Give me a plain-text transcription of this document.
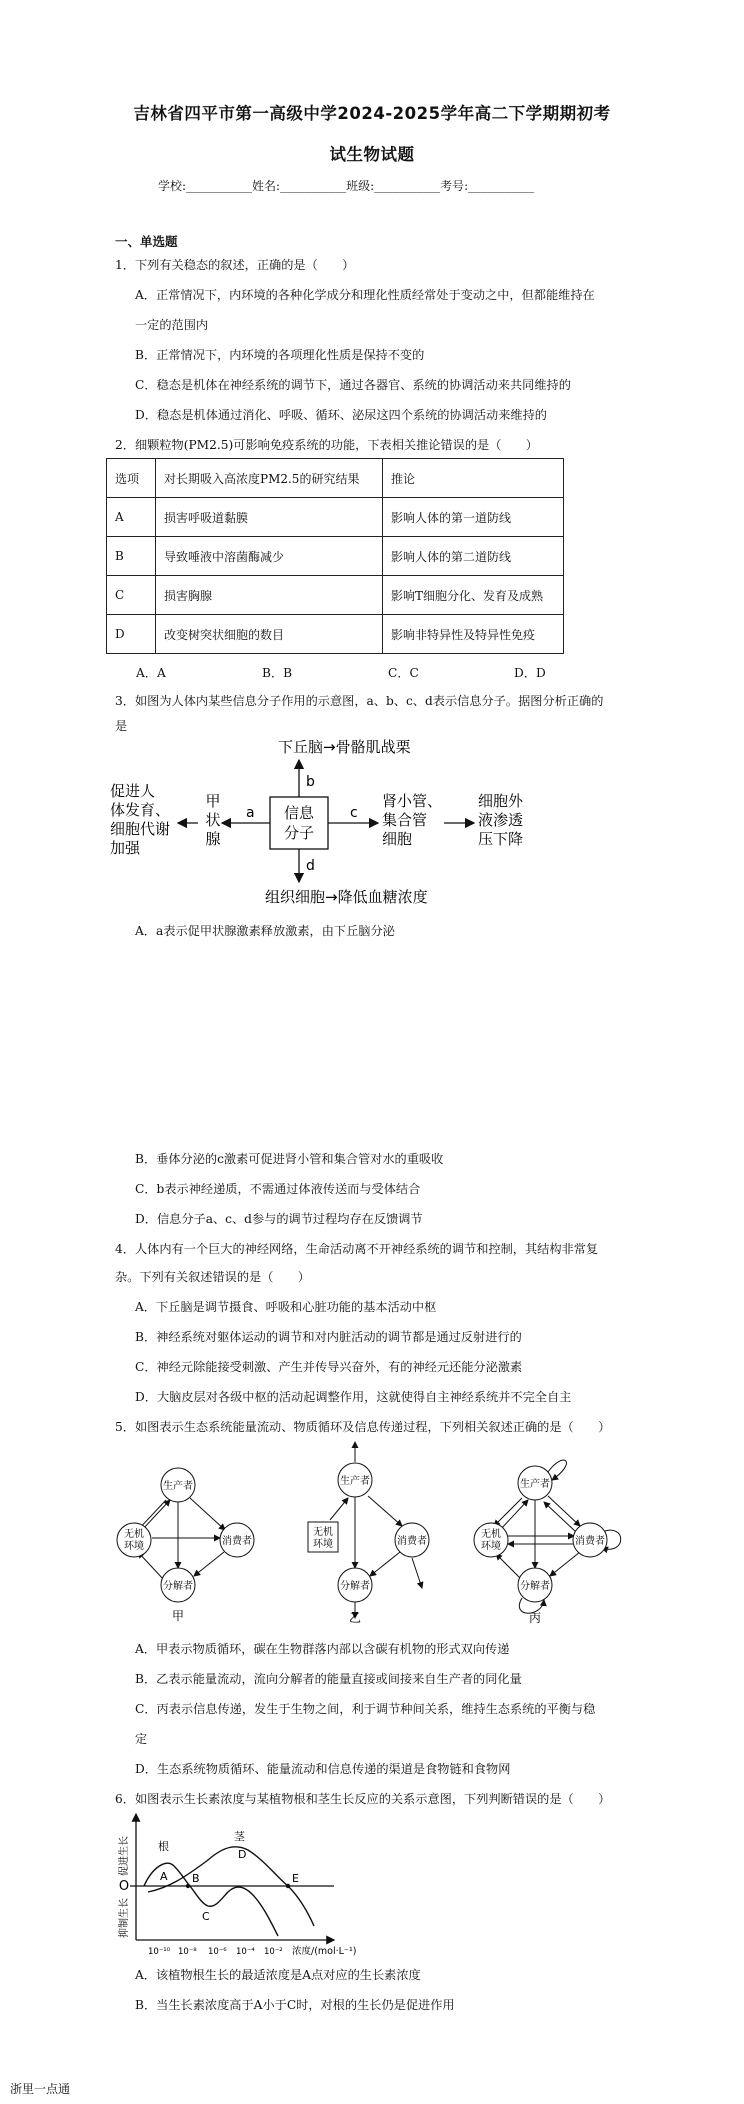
吉林省四平市第一高级中学2024-2025学年高二下学期期初考
试生物试题
学校:___________姓名:___________班级:___________考号:___________
一、单选题
1．下列有关稳态的叙述，正确的是（　　）
A．正常情况下，内环境的各种化学成分和理化性质经常处于变动之中，但都能维持在
一定的范围内
B．正常情况下，内环境的各项理化性质是保持不变的
C．稳态是机体在神经系统的调节下，通过各器官、系统的协调活动来共同维持的
D．稳态是机体通过消化、呼吸、循环、泌尿这四个系统的协调活动来维持的
2．细颗粒物(PM2.5)可影响免疫系统的功能，下表相关推论错误的是（　　）
选项	对长期吸入高浓度PM2.5的研究结果	推论
A	损害呼吸道黏膜	影响人体的第一道防线
B	导致唾液中溶菌酶减少	影响人体的第二道防线
C	损害胸腺	影响T细胞分化、发育及成熟
D	改变树突状细胞的数目	影响非特异性及特异性免疫
A．A	B．B	C．C	D．D
3．如图为人体内某些信息分子作用的示意图，a、b、c、d表示信息分子。据图分析正确的
是
信息
分子
b
下丘脑→骨骼肌战栗
a
甲
状
腺
促进人
体发育、
细胞代谢
加强
c
肾小管、
集合管
细胞
细胞外
液渗透
压下降
d
组织细胞→降低血糖浓度
A．a表示促甲状腺激素释放激素，由下丘脑分泌
B．垂体分泌的c激素可促进肾小管和集合管对水的重吸收
C．b表示神经递质，不需通过体液传送而与受体结合
D．信息分子a、c、d参与的调节过程均存在反馈调节
4．人体内有一个巨大的神经网络，生命活动离不开神经系统的调节和控制，其结构非常复
杂。下列有关叙述错误的是（　　）
A．下丘脑是调节摄食、呼吸和心脏功能的基本活动中枢
B．神经系统对躯体运动的调节和对内脏活动的调节都是通过反射进行的
C．神经元除能接受刺激、产生并传导兴奋外，有的神经元还能分泌激素
D．大脑皮层对各级中枢的活动起调整作用，这就使得自主神经系统并不完全自主
5．如图表示生态系统能量流动、物质循环及信息传递过程，下列相关叙述正确的是（　　）
生产者
无机
环境	消费者
分解者
甲
生产者
无机
环境	消费者
分解者
乙
生产者
无机
环境	消费者
分解者
丙
A．甲表示物质循环，碳在生物群落内部以含碳有机物的形式双向传递
B．乙表示能量流动，流向分解者的能量直接或间接来自生产者的同化量
C．丙表示信息传递，发生于生物之间，利于调节种间关系，维持生态系统的平衡与稳
定
D．生态系统物质循环、能量流动和信息传递的渠道是食物链和食物网
6．如图表示生长素浓度与某植物根和茎生长反应的关系示意图，下列判断错误的是（　　）
O
促进生长
抑制生长
根
茎
A B
C
D
E
10⁻¹⁰ 10⁻⁸ 10⁻⁶ 10⁻⁴ 10⁻² 浓度/(mol·L⁻¹)
A．该植物根生长的最适浓度是A点对应的生长素浓度
B．当生长素浓度高于A小于C时，对根的生长仍是促进作用
浙里一点通
